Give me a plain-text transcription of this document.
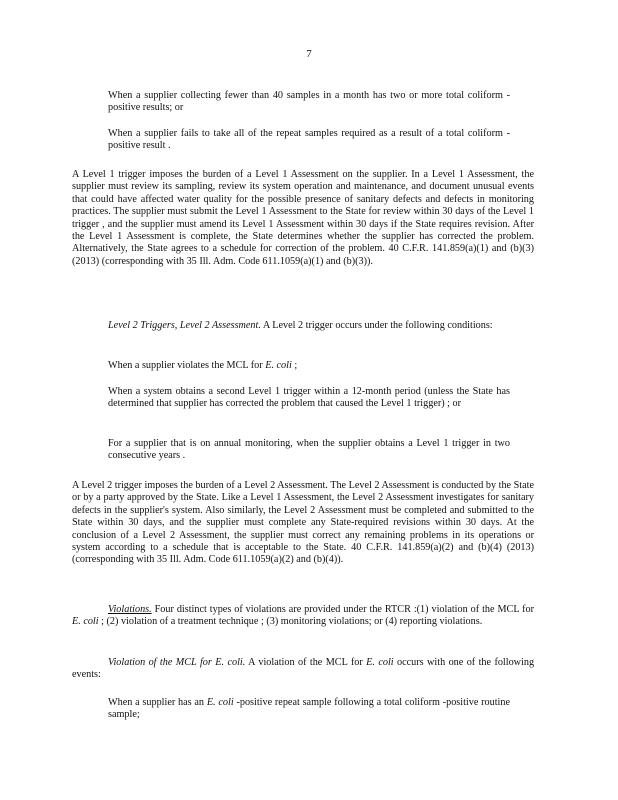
7

When a supplier collecting fewer than 40 samples in a month has two or more total coliform -positive results; or

When a supplier fails to take all of the repeat samples required as a result of a total coliform -positive result .

A Level 1 trigger imposes the burden of a Level 1 Assessment on the supplier. In a Level 1 Assessment, the supplier must review its sampling, review its system operation and maintenance, and document unusual events that could have affected water quality for the possible presence of sanitary defects and defects in monitoring practices. The supplier must submit the Level 1 Assessment to the State for review within 30 days of the Level 1 trigger , and the supplier must amend its Level 1 Assessment within 30 days if the State requires revision. After the Level 1 Assessment is complete, the State determines whether the supplier has corrected the problem. Alternatively, the State agrees to a schedule for correction of the problem. 40 C.F.R. 141.859(a)(1) and (b)(3) (2013) (corresponding with 35 Ill. Adm. Code 611.1059(a)(1) and (b)(3)).

Level 2 Triggers, Level 2 Assessment. A Level 2 trigger occurs under the following conditions:

When a supplier violates the MCL for E. coli ;

When a system obtains a second Level 1 trigger within a 12-month period (unless the State has determined that supplier has corrected the problem that caused the Level 1 trigger) ; or

For a supplier that is on annual monitoring, when the supplier obtains a Level 1 trigger in two consecutive years .

A Level 2 trigger imposes the burden of a Level 2 Assessment. The Level 2 Assessment is conducted by the State or by a party approved by the State. Like a Level 1 Assessment, the Level 2 Assessment investigates for sanitary defects in the supplier's system. Also similarly, the Level 2 Assessment must be completed and submitted to the State within 30 days, and the supplier must complete any State-required revisions within 30 days. At the conclusion of a Level 2 Assessment, the supplier must correct any remaining problems in its operations or system according to a schedule that is acceptable to the State. 40 C.F.R. 141.859(a)(2) and (b)(4) (2013) (corresponding with 35 Ill. Adm. Code 611.1059(a)(2) and (b)(4)).

Violations. Four distinct types of violations are provided under the RTCR :(1) violation of the MCL for E. coli ; (2) violation of a treatment technique ; (3) monitoring violations; or (4) reporting violations.

Violation of the MCL for E. coli. A violation of the MCL for E. coli occurs with one of the following events:

When a supplier has an E. coli -positive repeat sample following a total coliform -positive routine sample;
